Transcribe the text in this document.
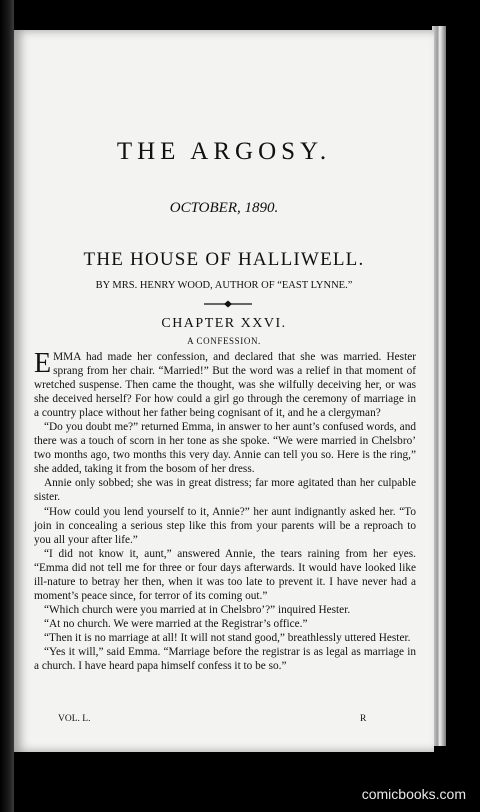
THE ARGOSY.
OCTOBER, 1890.
THE HOUSE OF HALLIWELL.
BY MRS. HENRY WOOD, AUTHOR OF “EAST LYNNE.”
CHAPTER XXVI.
A CONFESSION.

EMMA had made her confession, and declared that she was married. Hester sprang from her chair. “Married!” But the word was a relief in that moment of wretched suspense. Then came the thought, was she wilfully deceiving her, or was she deceived herself? For how could a girl go through the ceremony of marriage in a country place without her father being cognisant of it, and he a clergyman?

“Do you doubt me?” returned Emma, in answer to her aunt’s confused words, and there was a touch of scorn in her tone as she spoke. “We were married in Chelsbro’ two months ago, two months this very day. Annie can tell you so. Here is the ring,” she added, taking it from the bosom of her dress.

Annie only sobbed; she was in great distress; far more agitated than her culpable sister.

“How could you lend yourself to it, Annie?” her aunt indignantly asked her. “To join in concealing a serious step like this from your parents will be a reproach to you all your after life.”

“I did not know it, aunt,” answered Annie, the tears raining from her eyes. “Emma did not tell me for three or four days afterwards. It would have looked like ill-nature to betray her then, when it was too late to prevent it. I have never had a moment’s peace since, for terror of its coming out.”

“Which church were you married at in Chelsbro’?” inquired Hester.

“At no church. We were married at the Registrar’s office.”

“Then it is no marriage at all! It will not stand good,” breathlessly uttered Hester.

“Yes it will,” said Emma. “Marriage before the registrar is as legal as marriage in a church. I have heard papa himself confess it to be so.”

VOL. L.	R
comicbooks.com
